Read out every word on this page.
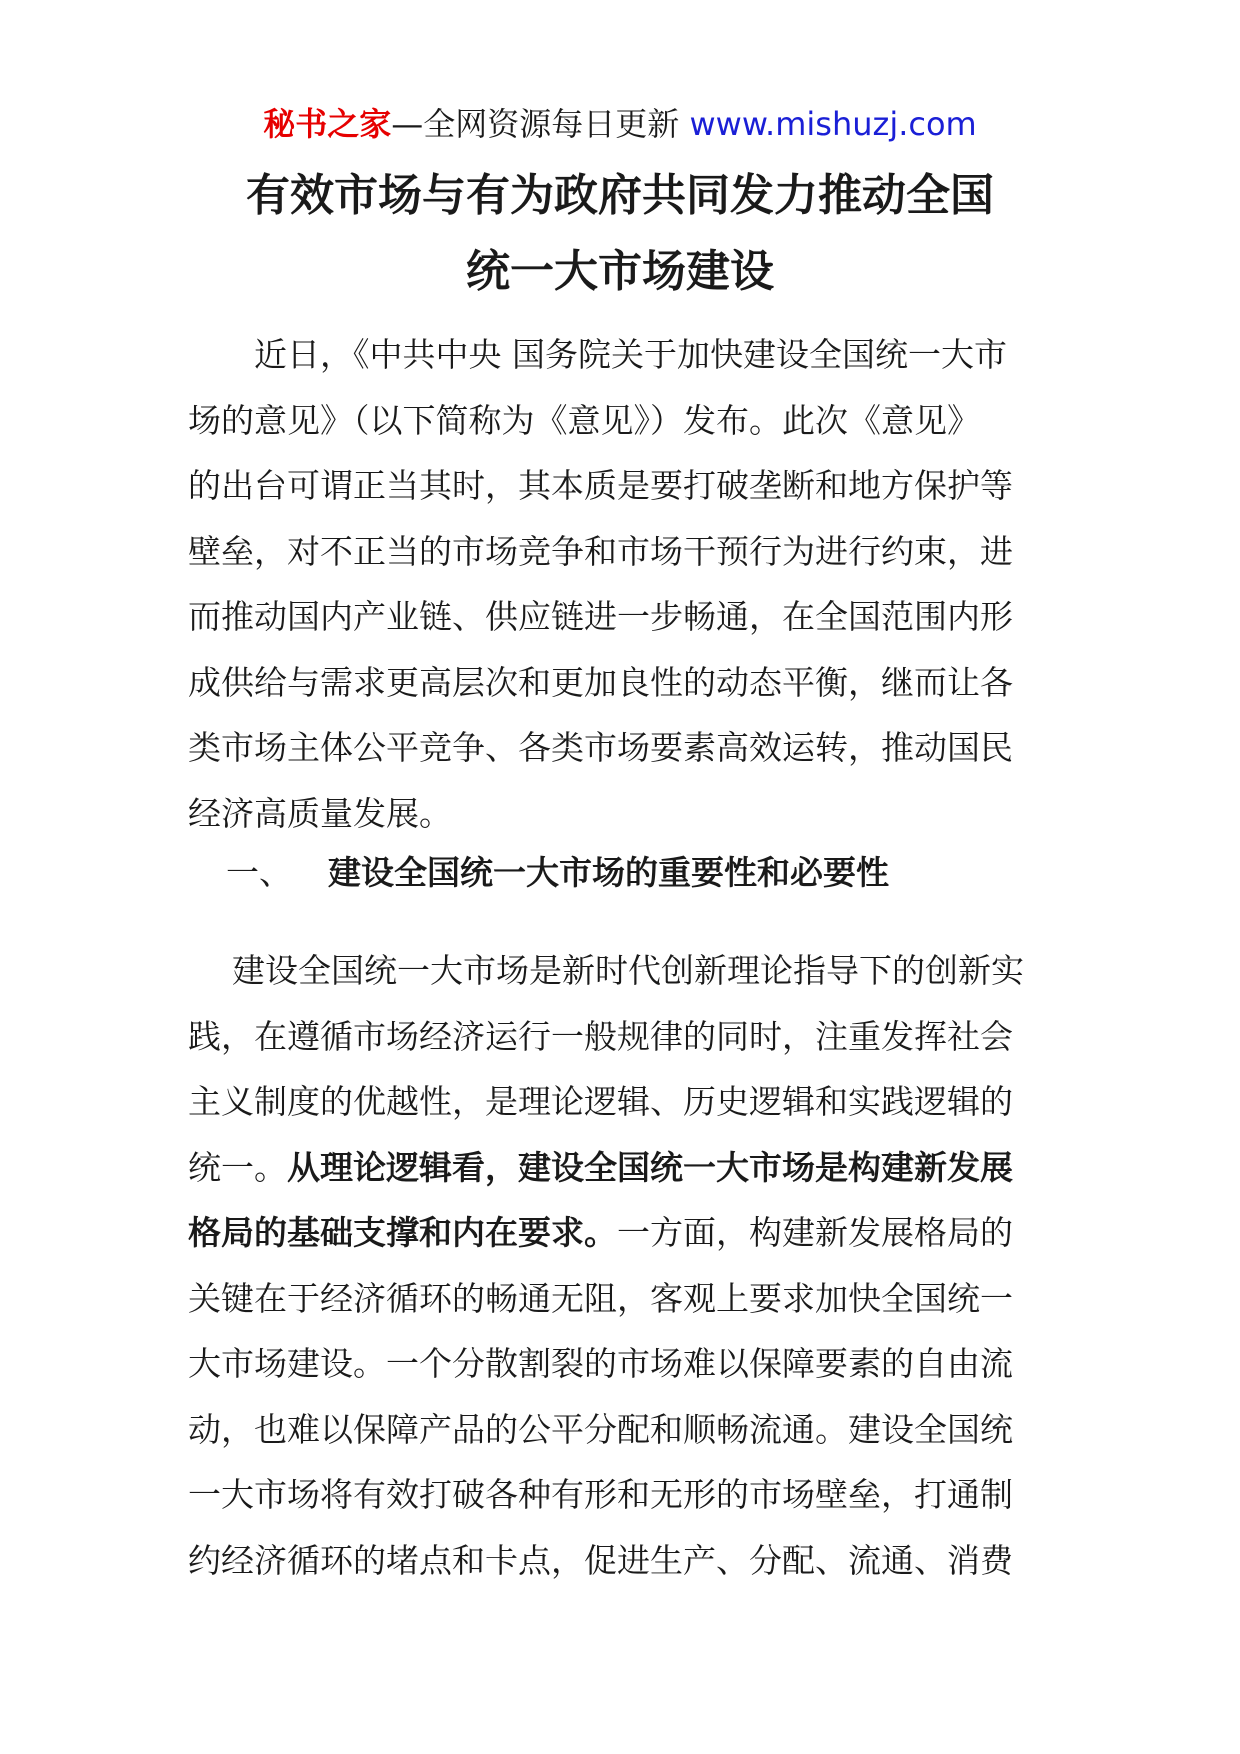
秘书之家—全网资源每日更新 www.mishuzj.com
有效市场与有为政府共同发力推动全国
统一大市场建设
近日，《中共中央 国务院关于加快建设全国统一大市
场的意见》（以下简称为《意见》）发布。此次《意见》
的出台可谓正当其时，其本质是要打破垄断和地方保护等
壁垒，对不正当的市场竞争和市场干预行为进行约束，进
而推动国内产业链、供应链进一步畅通，在全国范围内形
成供给与需求更高层次和更加良性的动态平衡，继而让各
类市场主体公平竞争、各类市场要素高效运转，推动国民
经济高质量发展。
一、 建设全国统一大市场的重要性和必要性
建设全国统一大市场是新时代创新理论指导下的创新实
践，在遵循市场经济运行一般规律的同时，注重发挥社会
主义制度的优越性，是理论逻辑、历史逻辑和实践逻辑的
统一。从理论逻辑看，建设全国统一大市场是构建新发展
格局的基础支撑和内在要求。一方面，构建新发展格局的
关键在于经济循环的畅通无阻，客观上要求加快全国统一
大市场建设。一个分散割裂的市场难以保障要素的自由流
动，也难以保障产品的公平分配和顺畅流通。建设全国统
一大市场将有效打破各种有形和无形的市场壁垒，打通制
约经济循环的堵点和卡点，促进生产、分配、流通、消费
